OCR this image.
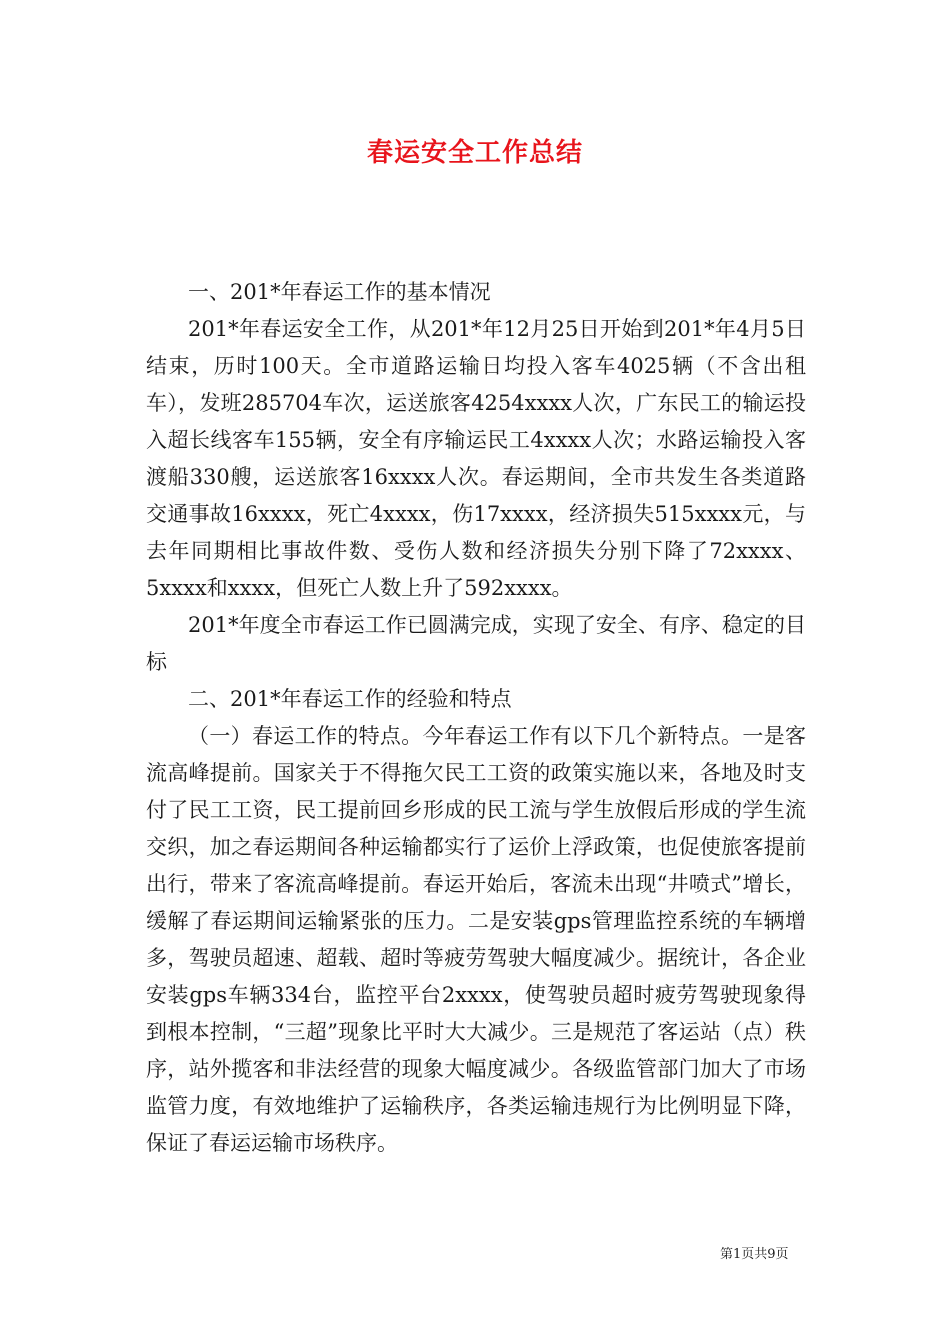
春运安全工作总结

一、201*年春运工作的基本情况

201*年春运安全工作，从201*年12月25日开始到201*年4月5日结束，历时100天。全市道路运输日均投入客车4025辆（不含出租车），发班285704车次，运送旅客4254xxxx人次，广东民工的输运投入超长线客车155辆，安全有序输运民工4xxxx人次；水路运输投入客渡船330艘，运送旅客16xxxx人次。春运期间，全市共发生各类道路交通事故16xxxx，死亡4xxxx，伤17xxxx，经济损失515xxxx元，与去年同期相比事故件数、受伤人数和经济损失分别下降了72xxxx、5xxxx和xxxx，但死亡人数上升了592xxxx。

201*年度全市春运工作已圆满完成，实现了安全、有序、稳定的目标

二、201*年春运工作的经验和特点

（一）春运工作的特点。今年春运工作有以下几个新特点。一是客流高峰提前。国家关于不得拖欠民工工资的政策实施以来，各地及时支付了民工工资，民工提前回乡形成的民工流与学生放假后形成的学生流交织，加之春运期间各种运输都实行了运价上浮政策，也促使旅客提前出行，带来了客流高峰提前。春运开始后，客流未出现“井喷式”增长，缓解了春运期间运输紧张的压力。二是安装gps管理监控系统的车辆增多，驾驶员超速、超载、超时等疲劳驾驶大幅度减少。据统计，各企业安装gps车辆334台，监控平台2xxxx，使驾驶员超时疲劳驾驶现象得到根本控制，“三超”现象比平时大大减少。三是规范了客运站（点）秩序，站外揽客和非法经营的现象大幅度减少。各级监管部门加大了市场监管力度，有效地维护了运输秩序，各类运输违规行为比例明显下降，保证了春运运输市场秩序。

第1页共9页
